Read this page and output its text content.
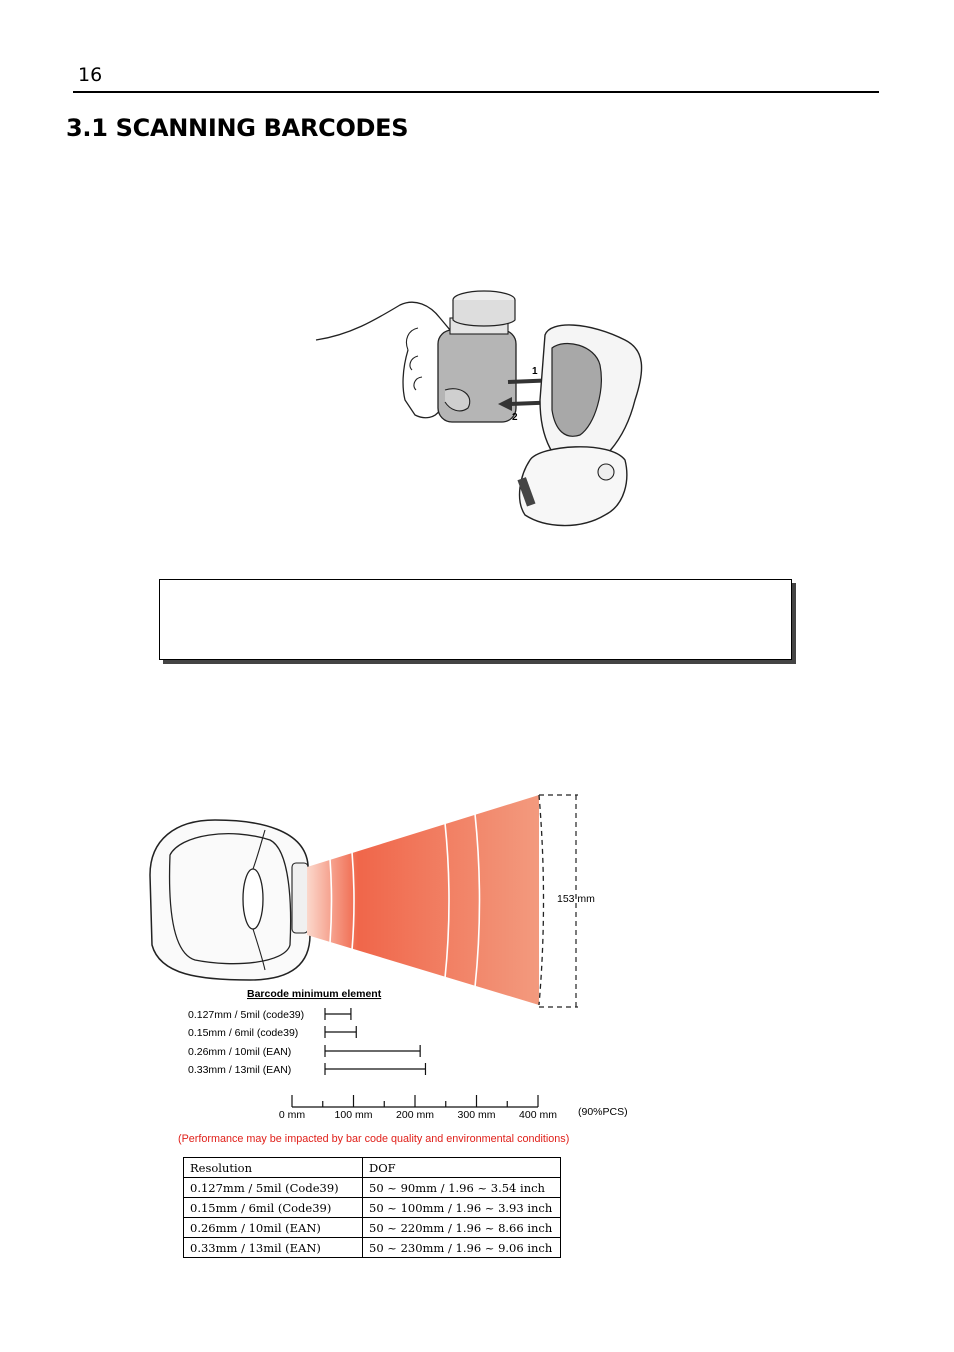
16
3.1 SCANNING BARCODES
1
2
153 mm
Barcode minimum element
0.127mm / 5mil (code39)
0.15mm / 6mil (code39)
0.26mm / 10mil (EAN)
0.33mm / 13mil (EAN)
0 mm	100 mm 200 mm 300 mm 400 mm (90%PCS)
(Performance may be impacted by bar code quality and environmental conditions)
Resolution	DOF
0.127mm / 5mil (Code39)	50 ~ 90mm / 1.96 ~ 3.54 inch
0.15mm / 6mil (Code39)	50 ~ 100mm / 1.96 ~ 3.93 inch
0.26mm / 10mil (EAN)	50 ~ 220mm / 1.96 ~ 8.66 inch
0.33mm / 13mil (EAN)	50 ~ 230mm / 1.96 ~ 9.06 inch
